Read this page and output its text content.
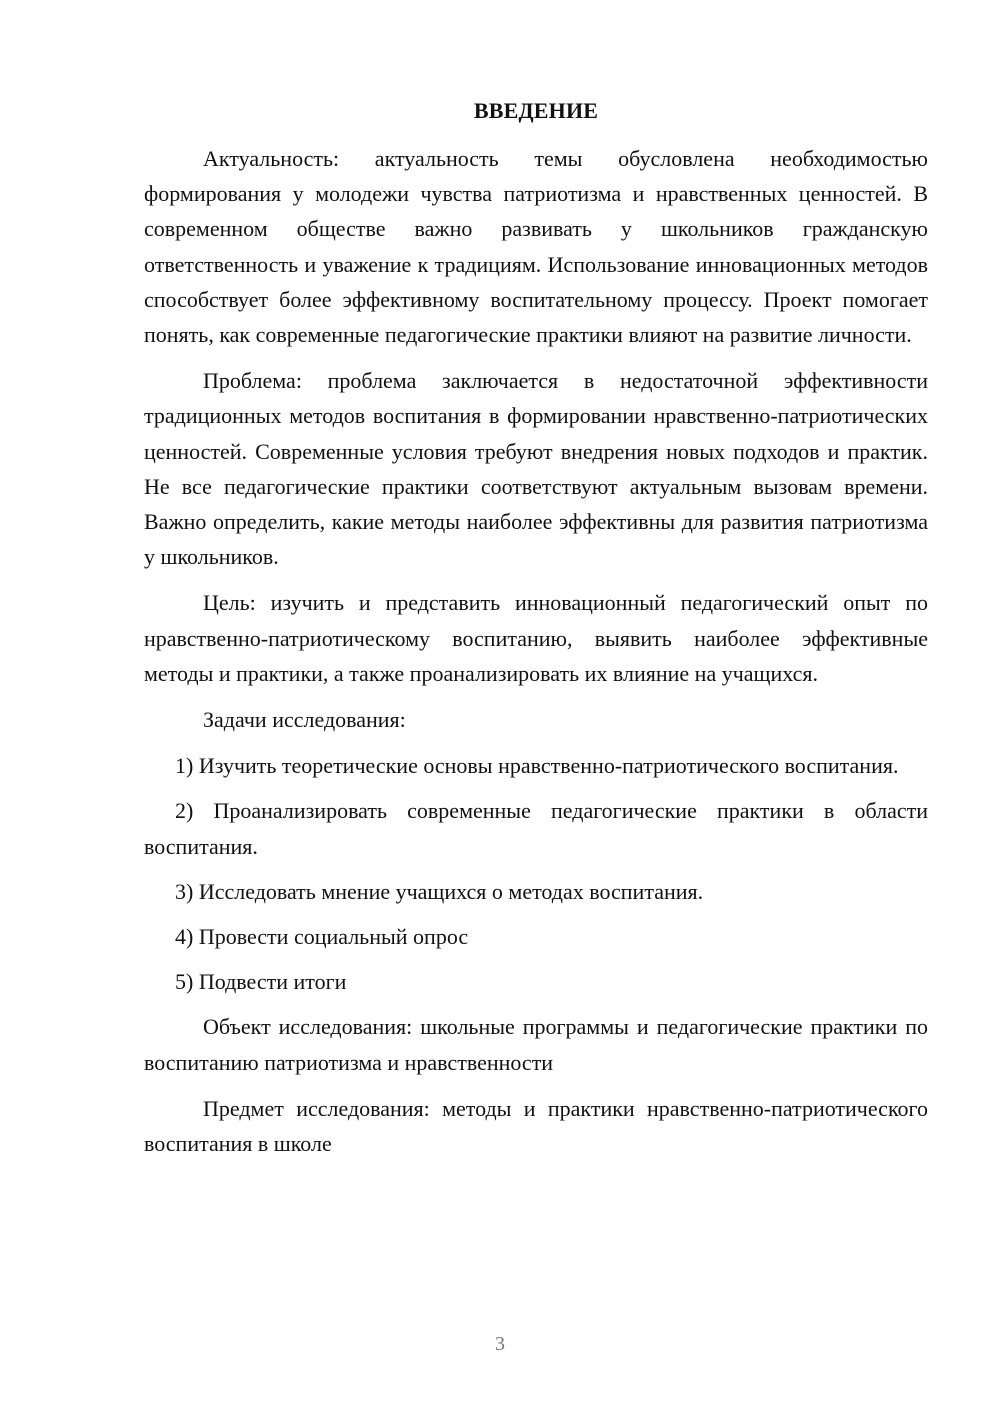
ВВЕДЕНИЕ

Актуальность: актуальность темы обусловлена необходимостью формирования у молодежи чувства патриотизма и нравственных ценностей. В современном обществе важно развивать у школьников гражданскую ответственность и уважение к традициям. Использование инновационных методов способствует более эффективному воспитательному процессу. Проект помогает понять, как современные педагогические практики влияют на развитие личности.

Проблема: проблема заключается в недостаточной эффективности традиционных методов воспитания в формировании нравственно-патриотических ценностей. Современные условия требуют внедрения новых подходов и практик. Не все педагогические практики соответствуют актуальным вызовам времени. Важно определить, какие методы наиболее эффективны для развития патриотизма у школьников.

Цель: изучить и представить инновационный педагогический опыт по нравственно-патриотическому воспитанию, выявить наиболее эффективные методы и практики, а также проанализировать их влияние на учащихся.

Задачи исследования:

1) Изучить теоретические основы нравственно-патриотического воспитания.

2) Проанализировать современные педагогические практики в области воспитания.

3) Исследовать мнение учащихся о методах воспитания.

4) Провести социальный опрос

5) Подвести итоги

Объект исследования: школьные программы и педагогические практики по воспитанию патриотизма и нравственности

Предмет исследования: методы и практики нравственно-патриотического воспитания в школе

3
